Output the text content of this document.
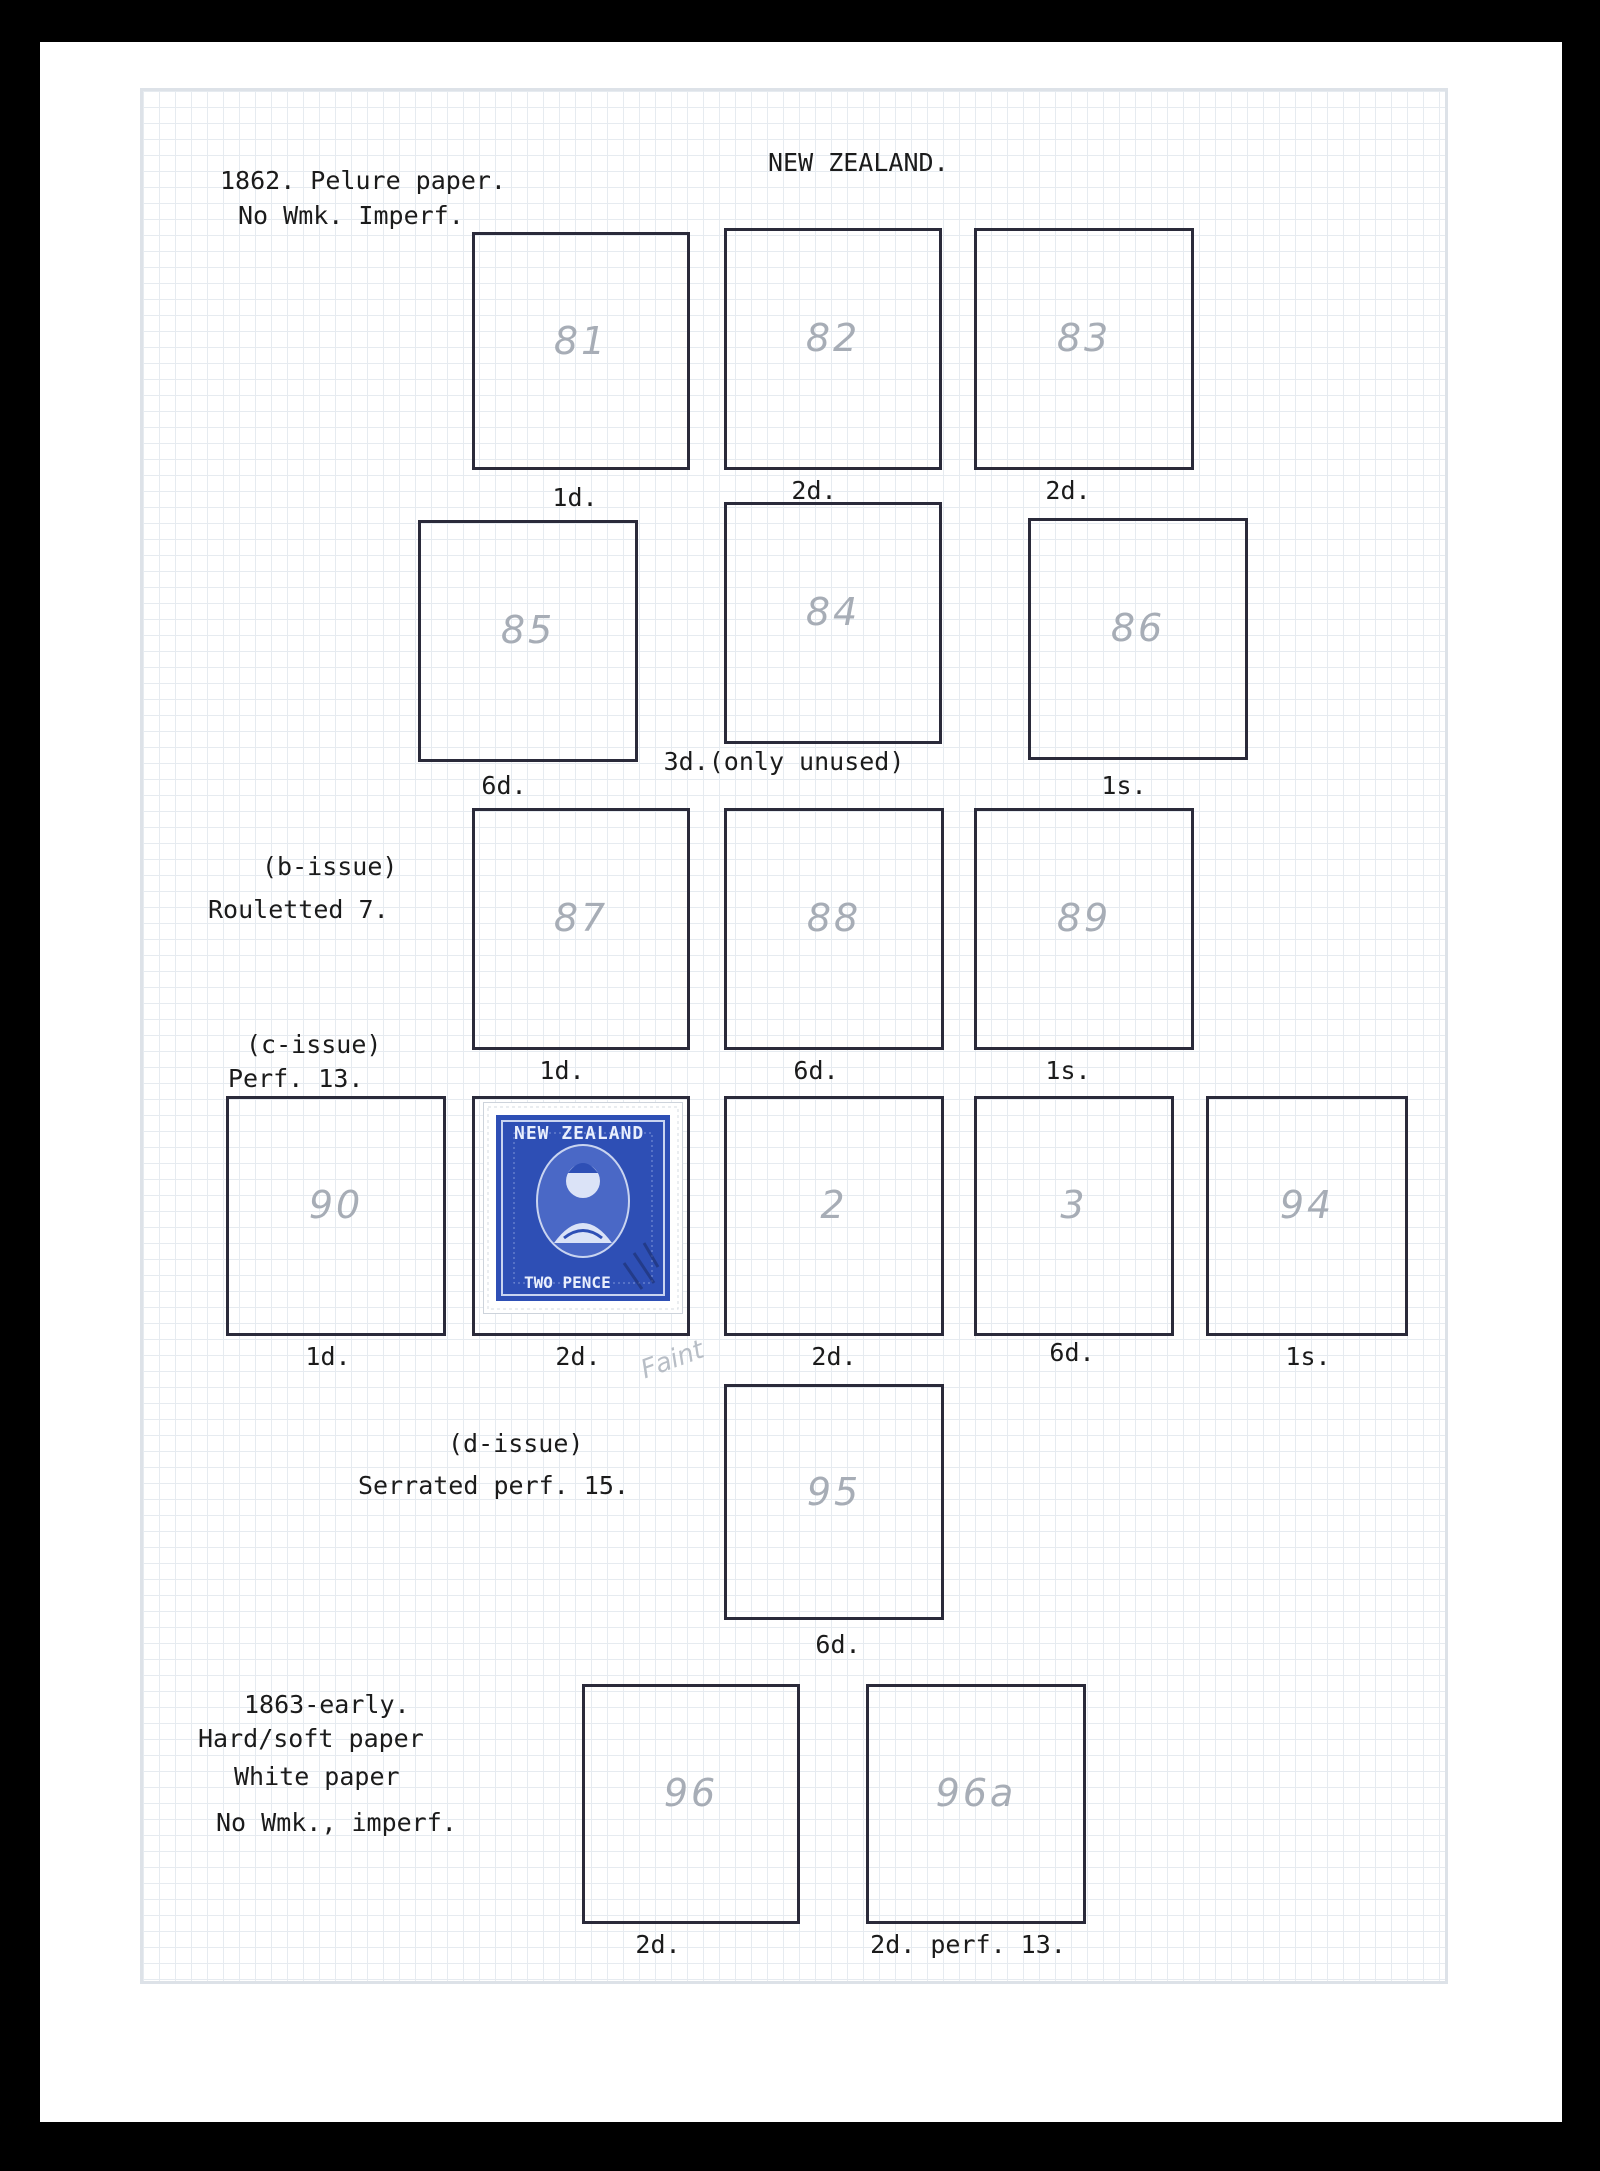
NEW ZEALAND.
1862. Pelure paper.
No Wmk. Imperf.
(b-issue)
Rouletted 7.
(c-issue)
Perf. 13.
(d-issue)
Serrated perf. 15.
1863-early.
Hard/soft paper
White paper
No Wmk., imperf.
81
1d.
82
2d.
83
2d.
85
6d.
84
3d.(only unused)
86
1s.
87
1d.
88
6d.
89
1s.
90
1d.
NEW ZEALAND
TWO PENCE
2d. Faint
2
2d.
3
6d.
94
1s.
95
6d.
96
2d.
96a
2d. perf. 13.
